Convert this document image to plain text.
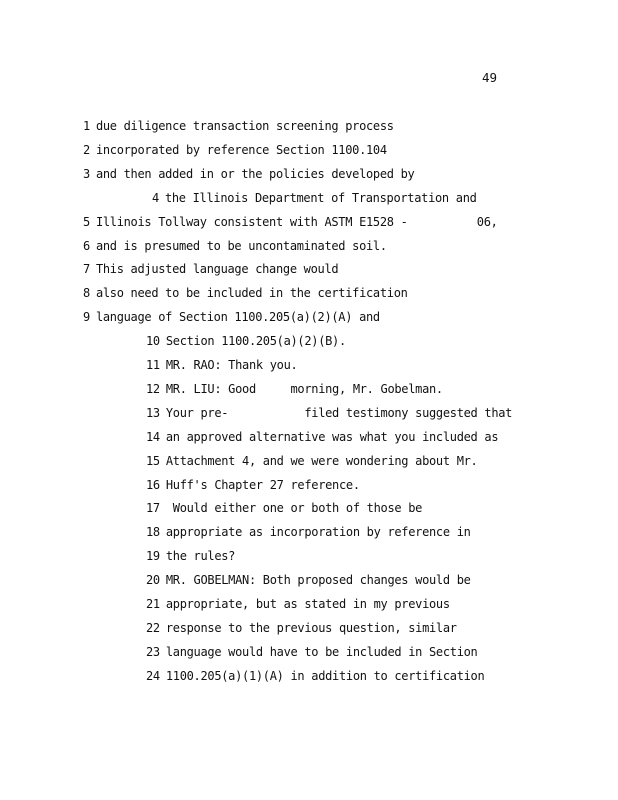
49
1 due diligence transaction screening process
2 incorporated by reference Section 1100.104
3 and then added in or the policies developed by
4 the Illinois Department of Transportation and
5 Illinois Tollway consistent with ASTM E1528 -          06,
6 and is presumed to be uncontaminated soil.
7 This adjusted language change would
8 also need to be included in the certification
9 language of Section 1100.205(a)(2)(A) and
10 Section 1100.205(a)(2)(B).
11 MR. RAO: Thank you.
12 MR. LIU: Good     morning, Mr. Gobelman.
13 Your pre-           filed testimony suggested that
14 an approved alternative was what you included as
15 Attachment 4, and we were wondering about Mr.
16 Huff's Chapter 27 reference.
17 Would either one or both of those be
18 appropriate as incorporation by reference in
19 the rules?
20 MR. GOBELMAN: Both proposed changes would be
21 appropriate, but as stated in my previous
22 response to the previous question, similar
23 language would have to be included in Section
24 1100.205(a)(1)(A) in addition to certification
